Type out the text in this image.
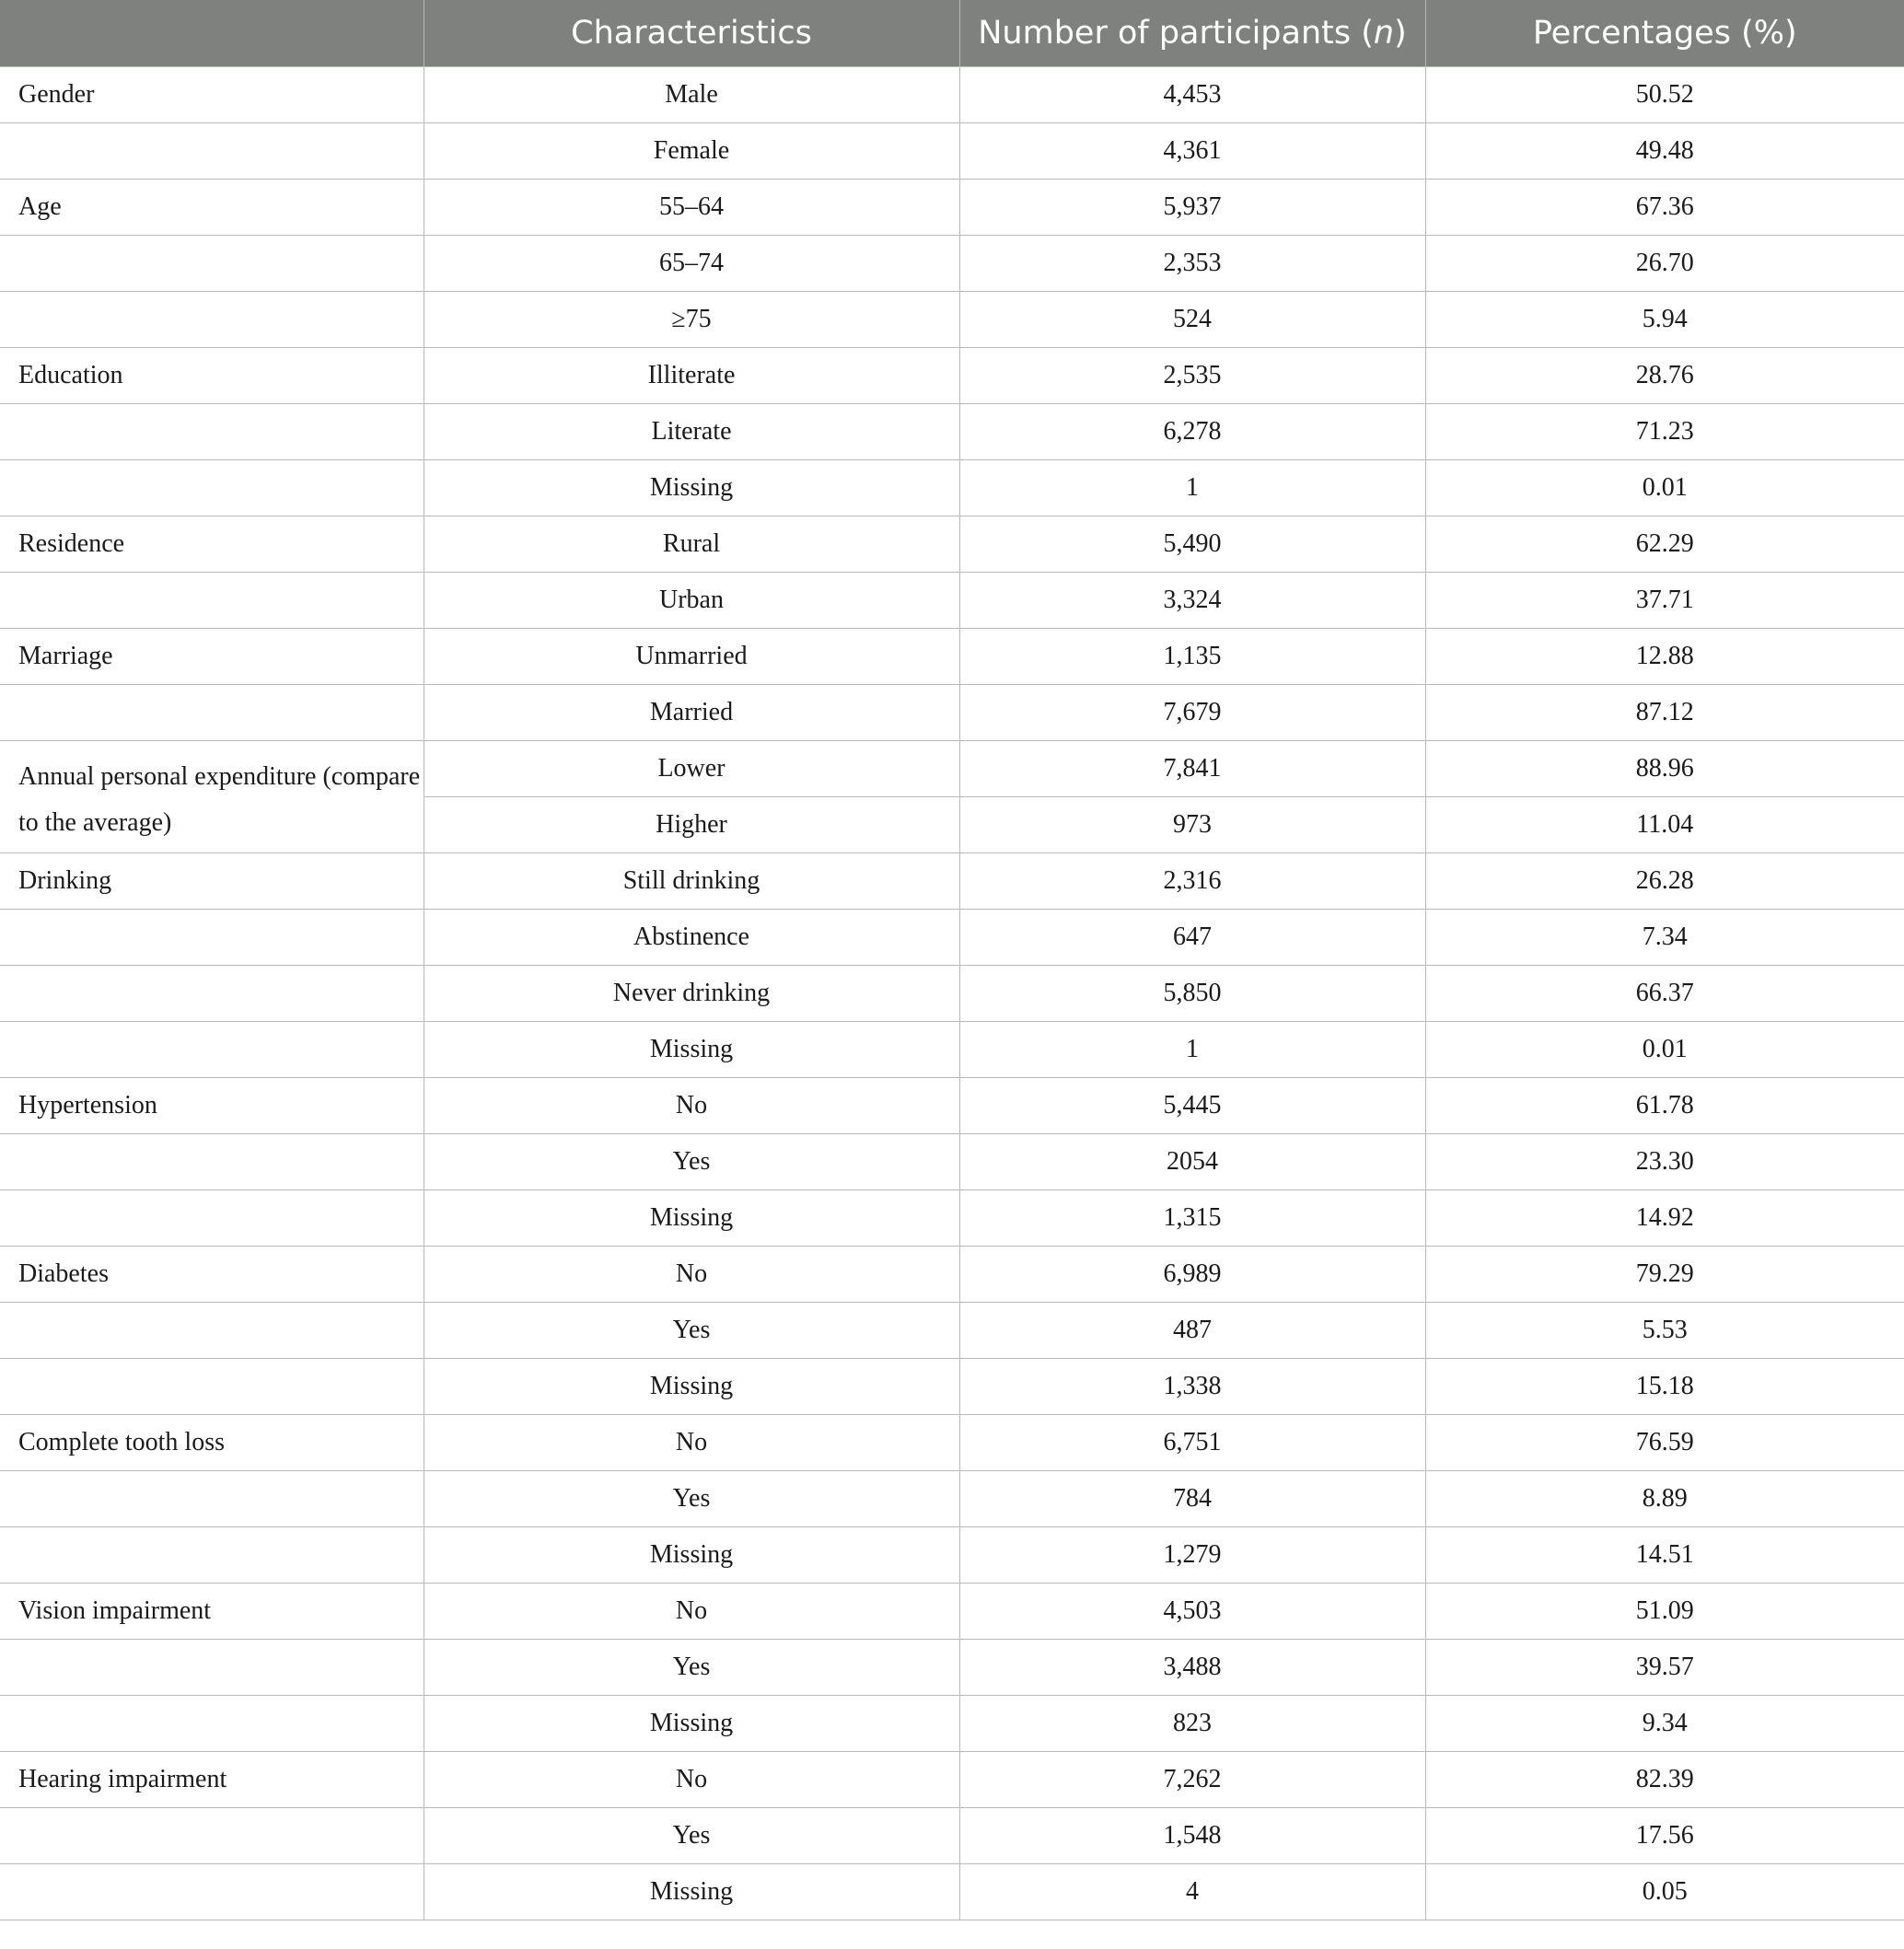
	Characteristics	Number of participants (n)	Percentages (%)
Gender	Male	4,453	50.52
	Female	4,361	49.48
Age	55–64	5,937	67.36
	65–74	2,353	26.70
	≥75	524	5.94
Education	Illiterate	2,535	28.76
	Literate	6,278	71.23
	Missing	1	0.01
Residence	Rural	5,490	62.29
	Urban	3,324	37.71
Marriage	Unmarried	1,135	12.88
	Married	7,679	87.12
Annual personal expenditure (compare to the average)	Lower	7,841	88.96
	Higher	973	11.04
Drinking	Still drinking	2,316	26.28
	Abstinence	647	7.34
	Never drinking	5,850	66.37
	Missing	1	0.01
Hypertension	No	5,445	61.78
	Yes	2054	23.30
	Missing	1,315	14.92
Diabetes	No	6,989	79.29
	Yes	487	5.53
	Missing	1,338	15.18
Complete tooth loss	No	6,751	76.59
	Yes	784	8.89
	Missing	1,279	14.51
Vision impairment	No	4,503	51.09
	Yes	3,488	39.57
	Missing	823	9.34
Hearing impairment	No	7,262	82.39
	Yes	1,548	17.56
	Missing	4	0.05
